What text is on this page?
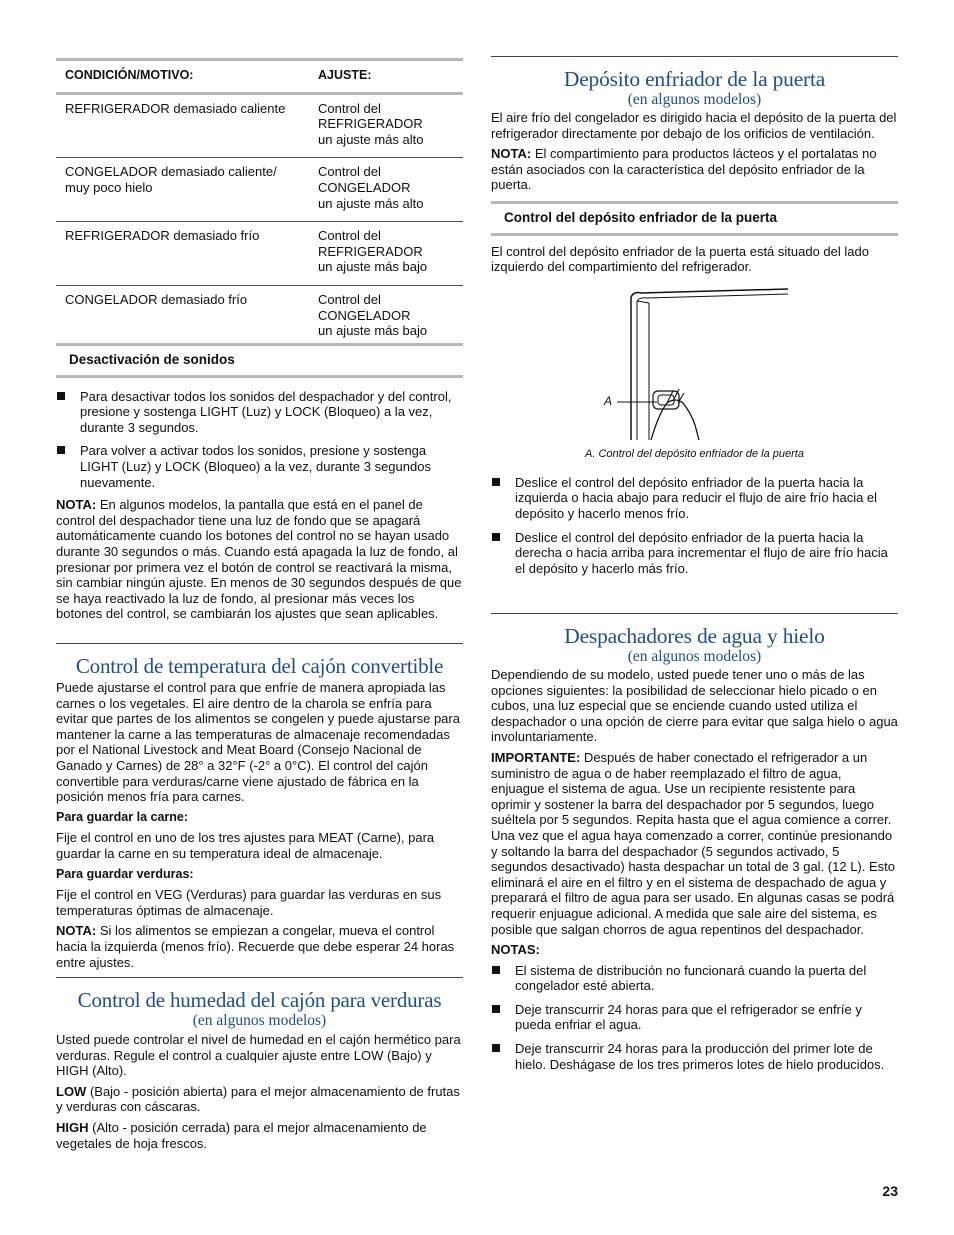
CONDICIÓN/MOTIVO:	AJUSTE:
REFRIGERADOR demasiado caliente	Control del
REFRIGERADOR
un ajuste más alto
CONGELADOR demasiado caliente/
muy poco hielo	Control del
CONGELADOR
un ajuste más alto
REFRIGERADOR demasiado frío	Control del
REFRIGERADOR
un ajuste más bajo
CONGELADOR demasiado frío	Control del
CONGELADOR
un ajuste más bajo
Desactivación de sonidos
Para desactivar todos los sonidos del despachador y del control, presione y sostenga LIGHT (Luz) y LOCK (Bloqueo) a la vez, durante 3 segundos.
Para volver a activar todos los sonidos, presione y sostenga LIGHT (Luz) y LOCK (Bloqueo) a la vez, durante 3 segundos nuevamente.

NOTA: En algunos modelos, la pantalla que está en el panel de control del despachador tiene una luz de fondo que se apagará automáticamente cuando los botones del control no se hayan usado durante 30 segundos o más. Cuando está apagada la luz de fondo, al presionar por primera vez el botón de control se reactivará la misma, sin cambiar ningún ajuste. En menos de 30 segundos después de que se haya reactivado la luz de fondo, al presionar más veces los botones del control, se cambiarán los ajustes que sean aplicables.

Control de temperatura del cajón convertible

Puede ajustarse el control para que enfríe de manera apropiada las carnes o los vegetales. El aire dentro de la charola se enfría para evitar que partes de los alimentos se congelen y puede ajustarse para mantener la carne a las temperaturas de almacenaje recomendadas por el National Livestock and Meat Board (Consejo Nacional de Ganado y Carnes) de 28° a 32°F (-2° a 0°C). El control del cajón convertible para verduras/carne viene ajustado de fábrica en la posición menos fría para carnes.

Para guardar la carne:

Fije el control en uno de los tres ajustes para MEAT (Carne), para guardar la carne en su temperatura ideal de almacenaje.

Para guardar verduras:

Fije el control en VEG (Verduras) para guardar las verduras en sus temperaturas óptimas de almacenaje.

NOTA: Si los alimentos se empiezan a congelar, mueva el control hacia la izquierda (menos frío). Recuerde que debe esperar 24 horas entre ajustes.

Control de humedad del cajón para verduras
(en algunos modelos)

Usted puede controlar el nivel de humedad en el cajón hermético para verduras. Regule el control a cualquier ajuste entre LOW (Bajo) y HIGH (Alto).

LOW (Bajo - posición abierta) para el mejor almacenamiento de frutas y verduras con cáscaras.

HIGH (Alto - posición cerrada) para el mejor almacenamiento de vegetales de hoja frescos.

Depósito enfriador de la puerta
(en algunos modelos)

El aire frío del congelador es dirigido hacia el depósito de la puerta del refrigerador directamente por debajo de los orificios de ventilación.

NOTA: El compartimiento para productos lácteos y el portalatas no están asociados con la característica del depósito enfriador de la puerta.

Control del depósito enfriador de la puerta

El control del depósito enfriador de la puerta está situado del lado izquierdo del compartimiento del refrigerador.

A
A. Control del depósito enfriador de la puerta
Deslice el control del depósito enfriador de la puerta hacia la izquierda o hacia abajo para reducir el flujo de aire frío hacia el depósito y hacerlo menos frío.
Deslice el control del depósito enfriador de la puerta hacia la derecha o hacia arriba para incrementar el flujo de aire frío hacia el depósito y hacerlo más frío.
Despachadores de agua y hielo
(en algunos modelos)

Dependiendo de su modelo, usted puede tener uno o más de las opciones siguientes: la posibilidad de seleccionar hielo picado o en cubos, una luz especial que se enciende cuando usted utiliza el despachador o una opción de cierre para evitar que salga hielo o agua involuntariamente.

IMPORTANTE: Después de haber conectado el refrigerador a un suministro de agua o de haber reemplazado el filtro de agua, enjuague el sistema de agua. Use un recipiente resistente para oprimir y sostener la barra del despachador por 5 segundos, luego suéltela por 5 segundos. Repita hasta que el agua comience a correr. Una vez que el agua haya comenzado a correr, continúe presionando y soltando la barra del despachador (5 segundos activado, 5 segundos desactivado) hasta despachar un total de 3 gal. (12 L). Esto eliminará el aire en el filtro y en el sistema de despachado de agua y preparará el filtro de agua para ser usado. En algunas casas se podrá requerir enjuague adicional. A medida que sale aire del sistema, es posible que salgan chorros de agua repentinos del despachador.

NOTAS:

El sistema de distribución no funcionará cuando la puerta del congelador esté abierta.
Deje transcurrir 24 horas para que el refrigerador se enfríe y pueda enfriar el agua.
Deje transcurrir 24 horas para la producción del primer lote de hielo. Deshágase de los tres primeros lotes de hielo producidos.
23
